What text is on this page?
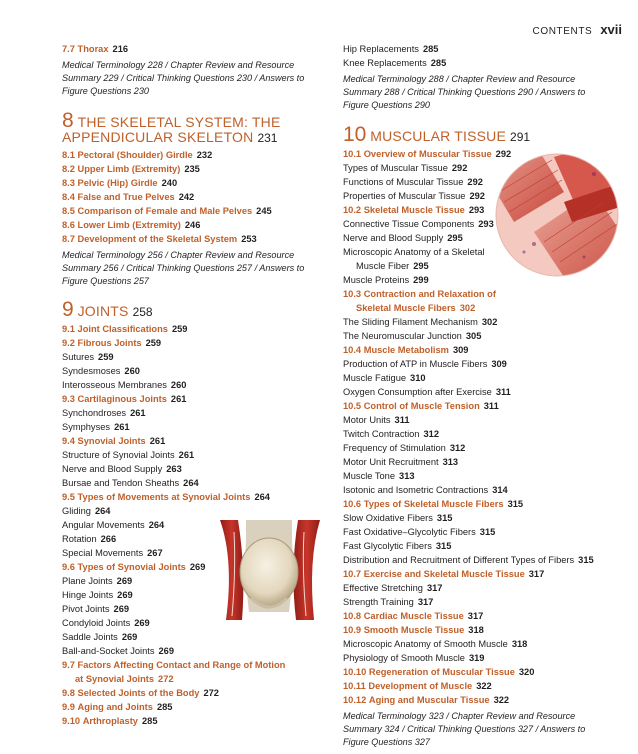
CONTENTS xvii
7.7 Thorax 216
Medical Terminology 228 / Chapter Review and Resource Summary 229 / Critical Thinking Questions 230 / Answers to Figure Questions 230
8 THE SKELETAL SYSTEM: THE APPENDICULAR SKELETON 231
8.1 Pectoral (Shoulder) Girdle 232
8.2 Upper Limb (Extremity) 235
8.3 Pelvic (Hip) Girdle 240
8.4 False and True Pelves 242
8.5 Comparison of Female and Male Pelves 245
8.6 Lower Limb (Extremity) 246
8.7 Development of the Skeletal System 253
Medical Terminology 256 / Chapter Review and Resource Summary 256 / Critical Thinking Questions 257 / Answers to Figure Questions 257
9 JOINTS 258
9.1 Joint Classifications 259
9.2 Fibrous Joints 259
Sutures 259
Syndesmoses 260
Interosseous Membranes 260
9.3 Cartilaginous Joints 261
Synchondroses 261
Symphyses 261
9.4 Synovial Joints 261
Structure of Synovial Joints 261
Nerve and Blood Supply 263
Bursae and Tendon Sheaths 264
9.5 Types of Movements at Synovial Joints 264
Gliding 264
Angular Movements 264
Rotation 266
Special Movements 267
9.6 Types of Synovial Joints 269
Plane Joints 269
Hinge Joints 269
Pivot Joints 269
Condyloid Joints 269
Saddle Joints 269
Ball-and-Socket Joints 269
9.7 Factors Affecting Contact and Range of Motion
at Synovial Joints 272
9.8 Selected Joints of the Body 272
9.9 Aging and Joints 285
9.10 Arthroplasty 285
Hip Replacements 285
Knee Replacements 285
Medical Terminology 288 / Chapter Review and Resource Summary 288 / Critical Thinking Questions 290 / Answers to Figure Questions 290
10 MUSCULAR TISSUE 291
10.1 Overview of Muscular Tissue 292
Types of Muscular Tissue 292
Functions of Muscular Tissue 292
Properties of Muscular Tissue 292
10.2 Skeletal Muscle Tissue 293
Connective Tissue Components 293
Nerve and Blood Supply 295
Microscopic Anatomy of a Skeletal
Muscle Fiber 295
Muscle Proteins 299
10.3 Contraction and Relaxation of
Skeletal Muscle Fibers 302
The Sliding Filament Mechanism 302
The Neuromuscular Junction 305
10.4 Muscle Metabolism 309
Production of ATP in Muscle Fibers 309
Muscle Fatigue 310
Oxygen Consumption after Exercise 311
10.5 Control of Muscle Tension 311
Motor Units 311
Twitch Contraction 312
Frequency of Stimulation 312
Motor Unit Recruitment 313
Muscle Tone 313
Isotonic and Isometric Contractions 314
10.6 Types of Skeletal Muscle Fibers 315
Slow Oxidative Fibers 315
Fast Oxidative–Glycolytic Fibers 315
Fast Glycolytic Fibers 315
Distribution and Recruitment of Different Types of Fibers 315
10.7 Exercise and Skeletal Muscle Tissue 317
Effective Stretching 317
Strength Training 317
10.8 Cardiac Muscle Tissue 317
10.9 Smooth Muscle Tissue 318
Microscopic Anatomy of Smooth Muscle 318
Physiology of Smooth Muscle 319
10.10 Regeneration of Muscular Tissue 320
10.11 Development of Muscle 322
10.12 Aging and Muscular Tissue 322
Medical Terminology 323 / Chapter Review and Resource Summary 324 / Critical Thinking Questions 327 / Answers to Figure Questions 327
